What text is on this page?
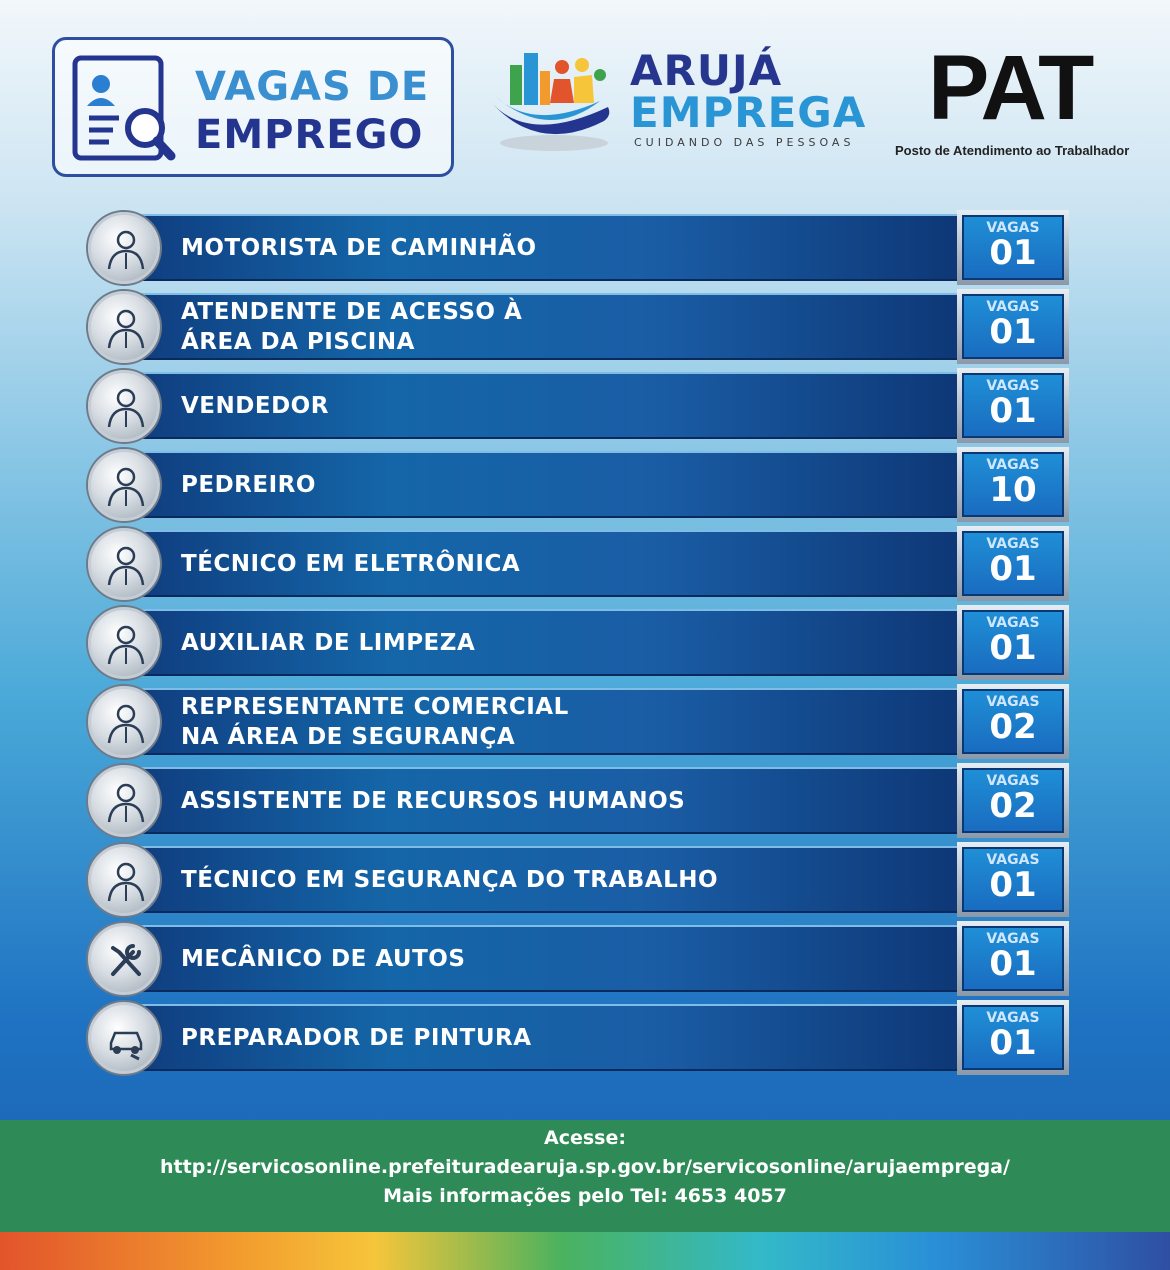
VAGAS DE
EMPREGO
ARUJÁ
EMPREGA
CUIDANDO DAS PESSOAS
PAT
Posto de Atendimento ao Trabalhador
MOTORISTA DE CAMINHÃO
VAGAS
01
ATENDENTE DE ACESSO À
ÁREA DA PISCINA
VAGAS
01
VENDEDOR
VAGAS
01
PEDREIRO
VAGAS
10
TÉCNICO EM ELETRÔNICA
VAGAS
01
AUXILIAR DE LIMPEZA
VAGAS
01
REPRESENTANTE COMERCIAL
NA ÁREA DE SEGURANÇA
VAGAS
02
ASSISTENTE DE RECURSOS HUMANOS
VAGAS
02
TÉCNICO EM SEGURANÇA DO TRABALHO
VAGAS
01
MECÂNICO DE AUTOS
VAGAS
01
PREPARADOR DE PINTURA
VAGAS
01
Acesse:
http://servicosonline.prefeituradearuja.sp.gov.br/servicosonline/arujaemprega/
Mais informações pelo Tel: 4653 4057
